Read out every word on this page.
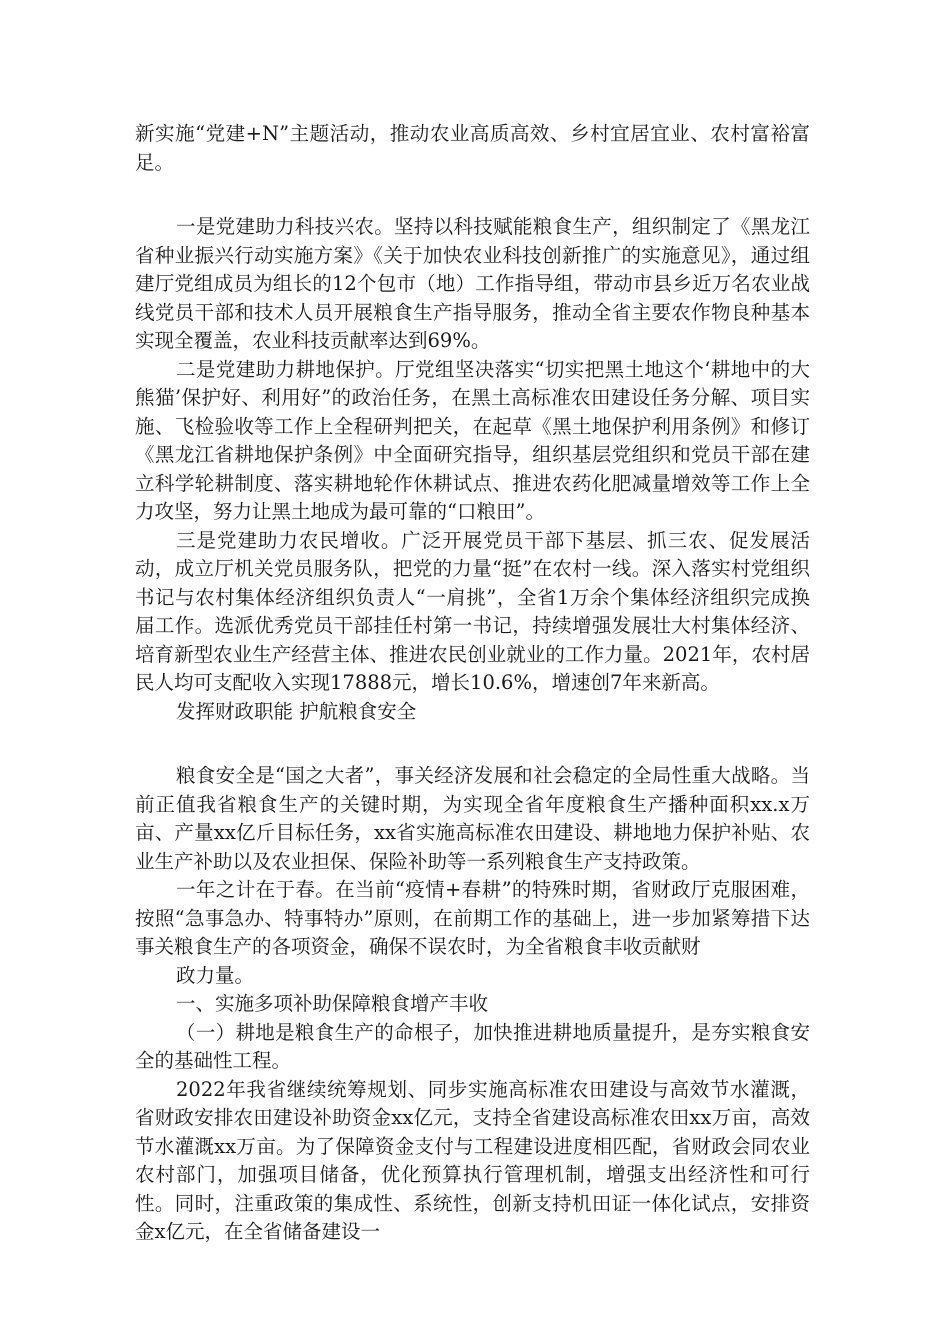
新实施“党建+N”主题活动，推动农业高质高效、乡村宜居宜业、农村富裕富足。

一是党建助力科技兴农。坚持以科技赋能粮食生产，组织制定了《黑龙江省种业振兴行动实施方案》《关于加快农业科技创新推广的实施意见》，通过组建厅党组成员为组长的12个包市（地）工作指导组，带动市县乡近万名农业战线党员干部和技术人员开展粮食生产指导服务，推动全省主要农作物良种基本实现全覆盖，农业科技贡献率达到69%。

二是党建助力耕地保护。厅党组坚决落实“切实把黑土地这个‘耕地中的大熊猫’保护好、利用好”的政治任务，在黑土高标准农田建设任务分解、项目实施、飞检验收等工作上全程研判把关，在起草《黑土地保护利用条例》和修订《黑龙江省耕地保护条例》中全面研究指导，组织基层党组织和党员干部在建立科学轮耕制度、落实耕地轮作休耕试点、推进农药化肥减量增效等工作上全力攻坚，努力让黑土地成为最可靠的“口粮田”。

三是党建助力农民增收。广泛开展党员干部下基层、抓三农、促发展活动，成立厅机关党员服务队，把党的力量“挺”在农村一线。深入落实村党组织书记与农村集体经济组织负责人“一肩挑”，全省1万余个集体经济组织完成换届工作。选派优秀党员干部挂任村第一书记，持续增强发展壮大村集体经济、培育新型农业生产经营主体、推进农民创业就业的工作力量。2021年，农村居民人均可支配收入实现17888元，增长10.6%，增速创7年来新高。

发挥财政职能 护航粮食安全

粮食安全是“国之大者”，事关经济发展和社会稳定的全局性重大战略。当前正值我省粮食生产的关键时期，为实现全省年度粮食生产播种面积xx.x万亩、产量xx亿斤目标任务，xx省实施高标准农田建设、耕地地力保护补贴、农业生产补助以及农业担保、保险补助等一系列粮食生产支持政策。

一年之计在于春。在当前“疫情+春耕”的特殊时期，省财政厅克服困难，按照“急事急办、特事特办”原则，在前期工作的基础上，进一步加紧筹措下达事关粮食生产的各项资金，确保不误农时，为全省粮食丰收贡献财

政力量。

一、实施多项补助保障粮食增产丰收

（一）耕地是粮食生产的命根子，加快推进耕地质量提升，是夯实粮食安全的基础性工程。

2022年我省继续统筹规划、同步实施高标准农田建设与高效节水灌溉，省财政安排农田建设补助资金xx亿元，支持全省建设高标准农田xx万亩，高效节水灌溉xx万亩。为了保障资金支付与工程建设进度相匹配，省财政会同农业农村部门，加强项目储备，优化预算执行管理机制，增强支出经济性和可行性。同时，注重政策的集成性、系统性，创新支持机田证一体化试点，安排资金x亿元，在全省储备建设一
